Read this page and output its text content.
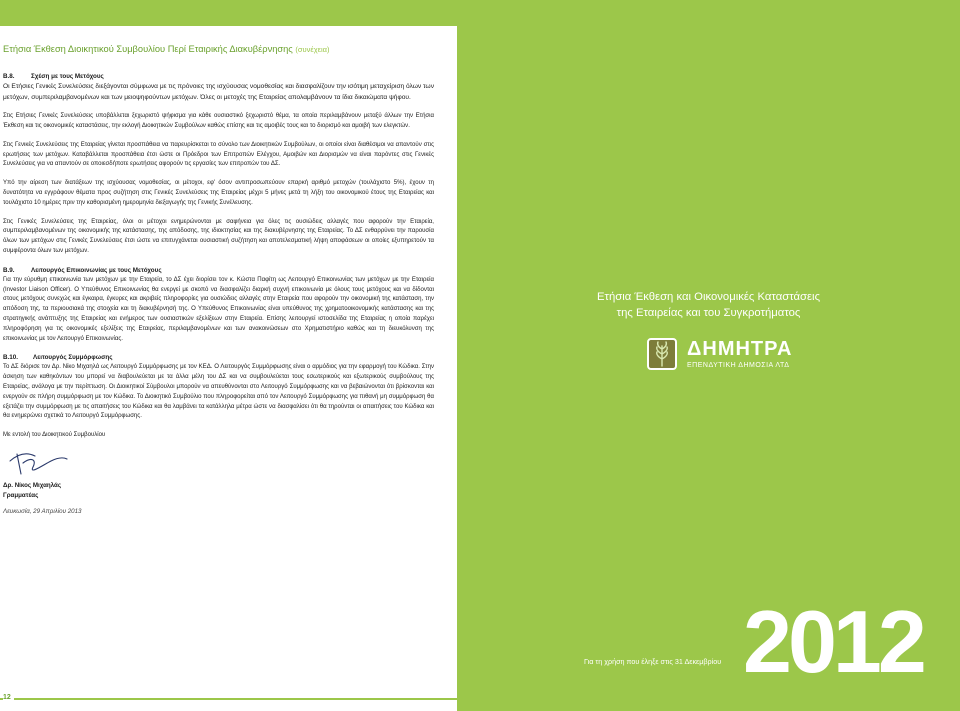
Ετήσια Έκθεση Διοικητικού Συμβουλίου Περί Εταιρικής Διακυβέρνησης (συνέχεια)
Β.8.	Σχέση με τους Μετόχους

Οι Ετήσιες Γενικές Συνελεύσεις διεξάγονται σύμφωνα με τις πρόνοιες της ισχύουσας νομοθεσίας και διασφαλίζουν την ισότιμη μεταχείριση όλων των μετόχων, συμπεριλαμβανομένων και των μειοψηφούντων μετόχων. Όλες οι μετοχές της Εταιρείας απολαμβάνουν τα ίδια δικαιώματα ψήφου.

Στις Ετήσιες Γενικές Συνελεύσεις υποβάλλεται ξεχωριστό ψήφισμα για κάθε ουσιαστικό ξεχωριστό θέμα, τα οποία περιλαμβάνουν μεταξύ άλλων την Ετήσια Έκθεση και τις οικονομικές καταστάσεις, την εκλογή Διοικητικών Συμβούλων καθώς επίσης και τις αμοιβές τους και το διορισμό και αμοιβή των ελεγκτών.

Στις Γενικές Συνελεύσεις της Εταιρείας γίνεται προσπάθεια να παρευρίσκεται το σύνολο των Διοικητικών Συμβούλων, οι οποίοι είναι διαθέσιμοι να απαντούν στις ερωτήσεις των μετόχων. Καταβάλλεται προσπάθεια έτσι ώστε οι Πρόεδροι των Επιτροπών Ελέγχου, Αμοιβών και Διορισμών να είναι παρόντες στις Γενικές Συνελεύσεις για να απαντούν σε οποιεσδήποτε ερωτήσεις αφορούν τις εργασίες των επιτροπών του ΔΣ.

Υπό την αίρεση των διατάξεων της ισχύουσας νομοθεσίας, οι μέτοχοι, εφ' όσον αντιπροσωπεύουν επαρκή αριθμό μετοχών (τουλάχιστο 5%), έχουν τη δυνατότητα να εγγράφουν θέματα προς συζήτηση στις Γενικές Συνελεύσεις της Εταιρείας μέχρι 5 μήνες μετά τη λήξη του οικονομικού έτους της Εταιρείας και τουλάχιστο 10 ημέρες πριν την καθορισμένη ημερομηνία διεξαγωγής της Γενικής Συνέλευσης.

Στις Γενικές Συνελεύσεις της Εταιρείας, όλοι οι μέτοχοι ενημερώνονται με σαφήνεια για όλες τις ουσιώδεις αλλαγές που αφορούν την Εταιρεία, συμπεριλαμβανομένων της οικονομικής της κατάστασης, της απόδοσης, της ιδιοκτησίας και της διακυβέρνησης της Εταιρείας. Το ΔΣ ενθαρρύνει την παρουσία όλων των μετόχων στις Γενικές Συνελεύσεις έτσι ώστε να επιτυγχάνεται ουσιαστική συζήτηση και αποτελεσματική λήψη αποφάσεων οι οποίες εξυπηρετούν τα συμφέροντα όλων των μετόχων.

Β.9.	Λειτουργός Επικοινωνίας με τους Μετόχους

Για την εύρυθμη επικοινωνία των μετόχων με την Εταιρεία, το ΔΣ έχει διορίσει τον κ. Κώστα Παφίτη ως Λειτουργό Επικοινωνίας των μετόχων με την Εταιρεία (Investor Liaison Officer). Ο Υπεύθυνος Επικοινωνίας θα ενεργεί με σκοπό να διασφαλίζει διαρκή συχνή επικοινωνία με όλους τους μετόχους και να δίδονται στους μετόχους συνεχώς και έγκαιρα, έγκυρες και ακριβείς πληροφορίες για ουσιώδεις αλλαγές στην Εταιρεία που αφορούν την οικονομική της κατάσταση, την απόδοση της, τα περιουσιακά της στοιχεία και τη διακυβέρνησή της. Ο Υπεύθυνος Επικοινωνίας είναι υπεύθυνος της χρηματοοικονομικής κατάστασης και της στρατηγικής ανάπτυξης της Εταιρείας και ενήμερος των ουσιαστικών εξελίξεων στην Εταιρεία. Επίσης λειτουργεί ιστοσελίδα της Εταιρείας η οποία παρέχει πληροφόρηση για τις οικονομικές εξελίξεις της Εταιρείας, περιλαμβανομένων και των ανακοινώσεων στο Χρηματιστήριο καθώς και τη διευκόλυνση της επικοινωνίας με τον Λειτουργό Επικοινωνίας.

Β.10. Λειτουργός Συμμόρφωσης

Το ΔΣ διόρισε τον Δρ. Νίκο Μιχαηλά ως Λειτουργό Συμμόρφωσης με τον ΚΕΔ. Ο Λειτουργός Συμμόρφωσης είναι ο αρμόδιος για την εφαρμογή του Κώδικα. Στην άσκηση των καθηκόντων του μπορεί να διαβουλεύεται με τα άλλα μέλη του ΔΣ και να συμβουλεύεται τους εσωτερικούς και εξωτερικούς συμβούλους της Εταιρείας, ανάλογα με την περίπτωση. Οι Διοικητικοί Σύμβουλοι μπορούν να απευθύνονται στο Λειτουργό Συμμόρφωσης και να βεβαιώνονται ότι βρίσκονται και ενεργούν σε πλήρη συμμόρφωση με τον Κώδικα. Το Διοικητικό Συμβούλιο που πληροφορείται από τον Λειτουργό Συμμόρφωσης για πιθανή μη συμμόρφωση θα εξετάζει την συμμόρφωση με τις απαιτήσεις του Κώδικα και θα λαμβάνει τα κατάλληλα μέτρα ώστε να διασφαλίσει ότι θα τηρούνται οι απαιτήσεις του Κώδικα και θα ενημερώνει σχετικά το Λειτουργό Συμμόρφωσης.

Με εντολή του Διοικητικού Συμβουλίου

Δρ. Νίκος Μιχαηλάς
Γραμματέας
Λευκωσία, 29 Απριλίου 2013
12
Ετήσια Έκθεση και Οικονομικές Καταστάσεις
της Εταιρείας και του Συγκροτήματος
ΔΗΜΗΤΡΑ
ΕΠΕΝΔΥΤΙΚΗ ΔΗΜΟΣΙΑ ΛΤΔ
Για τη χρήση που έληξε στις 31 Δεκεμβρίου 2012
